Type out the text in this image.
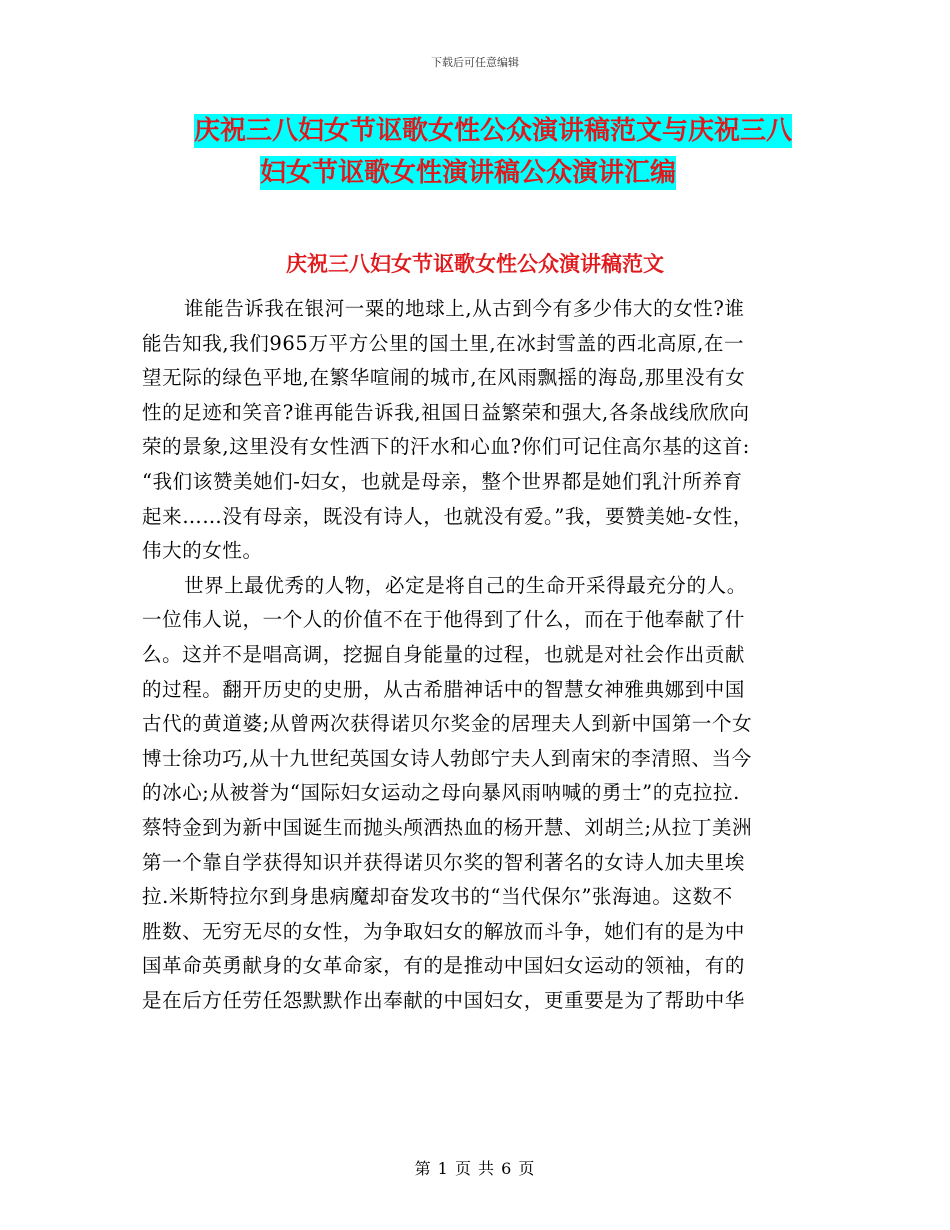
下载后可任意编辑
庆祝三八妇女节讴歌女性公众演讲稿范文与庆祝三八
妇女节讴歌女性演讲稿公众演讲汇编
庆祝三八妇女节讴歌女性公众演讲稿范文
谁能告诉我在银河一粟的地球上,从古到今有多少伟大的女性?谁
能告知我,我们965万平方公里的国土里,在冰封雪盖的西北高原,在一
望无际的绿色平地,在繁华喧闹的城市,在风雨飘摇的海岛,那里没有女
性的足迹和笑音?谁再能告诉我,祖国日益繁荣和强大,各条战线欣欣向
荣的景象,这里没有女性洒下的汗水和心血?你们可记住高尔基的这首:
“我们该赞美她们-妇女，也就是母亲，整个世界都是她们乳汁所养育
起来……没有母亲，既没有诗人，也就没有爱。”我，要赞美她-女性，
伟大的女性。
世界上最优秀的人物，必定是将自己的生命开采得最充分的人。
一位伟人说，一个人的价值不在于他得到了什么，而在于他奉献了什
么。这并不是唱高调，挖掘自身能量的过程，也就是对社会作出贡献
的过程。翻开历史的史册，从古希腊神话中的智慧女神雅典娜到中国
古代的黄道婆;从曾两次获得诺贝尔奖金的居理夫人到新中国第一个女
博士徐功巧,从十九世纪英国女诗人勃郎宁夫人到南宋的李清照、当今
的冰心;从被誉为“国际妇女运动之母向暴风雨呐喊的勇士”的克拉拉.
蔡特金到为新中国诞生而抛头颅洒热血的杨开慧、刘胡兰;从拉丁美洲
第一个靠自学获得知识并获得诺贝尔奖的智利著名的女诗人加夫里埃
拉.米斯特拉尔到身患病魔却奋发攻书的“当代保尔”张海迪。这数不
胜数、无穷无尽的女性，为争取妇女的解放而斗争，她们有的是为中
国革命英勇献身的女革命家，有的是推动中国妇女运动的领袖，有的
是在后方任劳任怨默默作出奉献的中国妇女，更重要是为了帮助中华
第 1 页 共 6 页
